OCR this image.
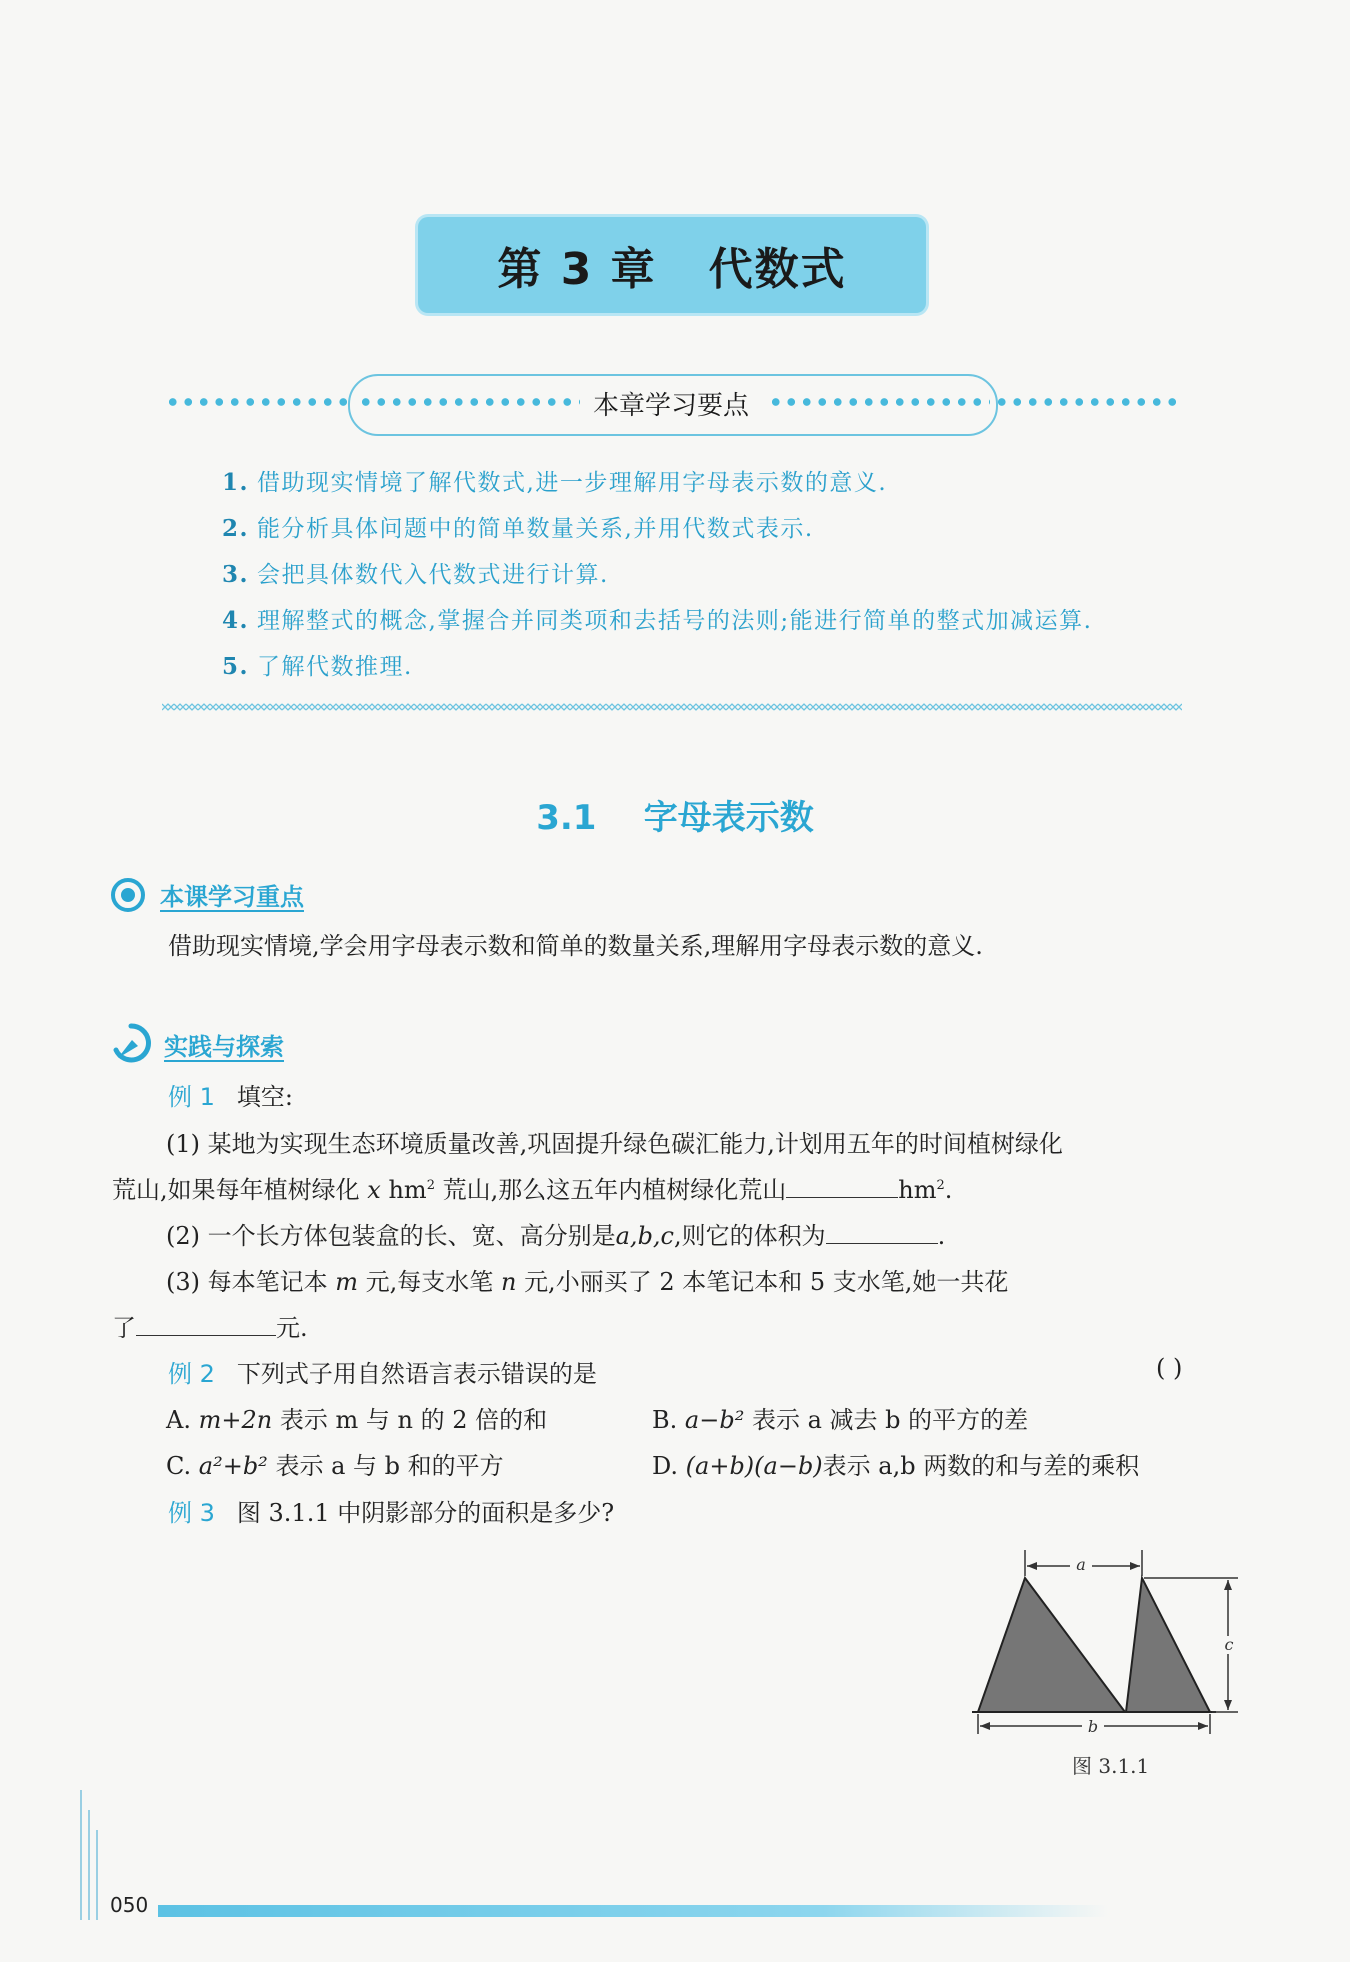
第 3 章   代数式
本章学习要点
1. 借助现实情境了解代数式,进一步理解用字母表示数的意义.
2. 能分析具体问题中的简单数量关系,并用代数式表示.
3. 会把具体数代入代数式进行计算.
4. 理解整式的概念,掌握合并同类项和去括号的法则;能进行简单的整式加减运算.
5. 了解代数推理.
3.1    字母表示数
本课学习重点
借助现实情境,学会用字母表示数和简单的数量关系,理解用字母表示数的意义.
实践与探索
例 1 填空:
(1) 某地为实现生态环境质量改善,巩固提升绿色碳汇能力,计划用五年的时间植树绿化
荒山,如果每年植树绿化 x $hm^2$ 荒山,那么这五年内植树绿化荒山	$hm^2$.
(2) 一个长方体包装盒的长、宽、高分别是a,b,c,则它的体积为	.
(3) 每本笔记本 m 元,每支水笔 n 元,小丽买了 2 本笔记本和 5 支水笔,她一共花
了	元.
例 2 下列式子用自然语言表示错误的是	( )
A. m+2n 表示 m 与 n 的 2 倍的和	B. a−b² 表示 a 减去 b 的平方的差
C. a²+b² 表示 a 与 b 和的平方	D. (a+b)(a−b)表示 a,b 两数的和与差的乘积
例 3 图 3.1.1 中阴影部分的面积是多少?
a
c
b
图 3.1.1
050
